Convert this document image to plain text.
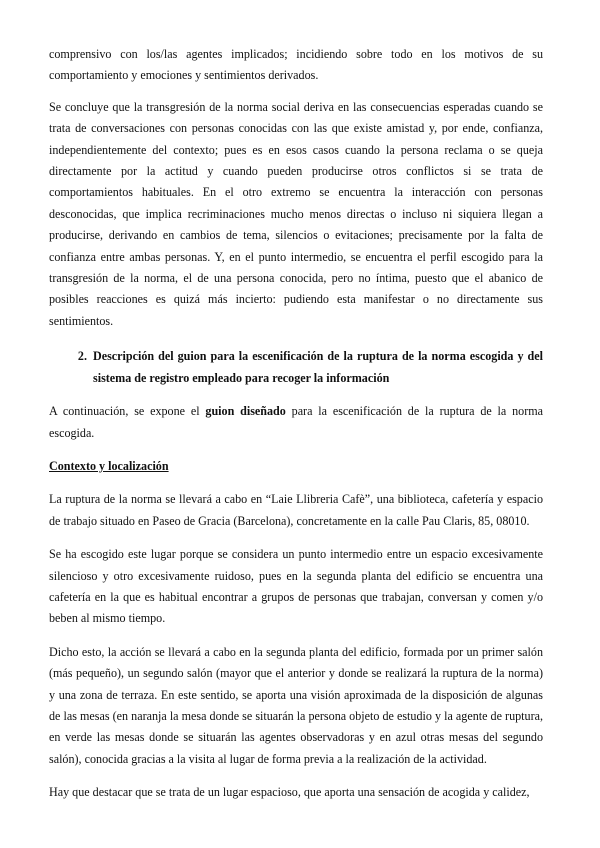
comprensivo con los/las agentes implicados; incidiendo sobre todo en los motivos de su comportamiento y emociones y sentimientos derivados.

Se concluye que la transgresión de la norma social deriva en las consecuencias esperadas cuando se trata de conversaciones con personas conocidas con las que existe amistad y, por ende, confianza, independientemente del contexto; pues es en esos casos cuando la persona reclama o se queja directamente por la actitud y cuando pueden producirse otros conflictos si se trata de comportamientos habituales. En el otro extremo se encuentra la interacción con personas desconocidas, que implica recriminaciones mucho menos directas o incluso ni siquiera llegan a producirse, derivando en cambios de tema, silencios o evitaciones; precisamente por la falta de confianza entre ambas personas. Y, en el punto intermedio, se encuentra el perfil escogido para la transgresión de la norma, el de una persona conocida, pero no íntima, puesto que el abanico de posibles reacciones es quizá más incierto: pudiendo esta manifestar o no directamente sus sentimientos.

2. Descripción del guion para la escenificación de la ruptura de la norma escogida y del sistema de registro empleado para recoger la información

A continuación, se expone el guion diseñado para la escenificación de la ruptura de la norma escogida.

Contexto y localización

La ruptura de la norma se llevará a cabo en “Laie Llibreria Cafè”, una biblioteca, cafetería y espacio de trabajo situado en Paseo de Gracia (Barcelona), concretamente en la calle Pau Claris, 85, 08010.

Se ha escogido este lugar porque se considera un punto intermedio entre un espacio excesivamente silencioso y otro excesivamente ruidoso, pues en la segunda planta del edificio se encuentra una cafetería en la que es habitual encontrar a grupos de personas que trabajan, conversan y comen y/o beben al mismo tiempo.

Dicho esto, la acción se llevará a cabo en la segunda planta del edificio, formada por un primer salón (más pequeño), un segundo salón (mayor que el anterior y donde se realizará la ruptura de la norma) y una zona de terraza. En este sentido, se aporta una visión aproximada de la disposición de algunas de las mesas (en naranja la mesa donde se situarán la persona objeto de estudio y la agente de ruptura, en verde las mesas donde se situarán las agentes observadoras y en azul otras mesas del segundo salón), conocida gracias a la visita al lugar de forma previa a la realización de la actividad.

Hay que destacar que se trata de un lugar espacioso, que aporta una sensación de acogida y calidez,
